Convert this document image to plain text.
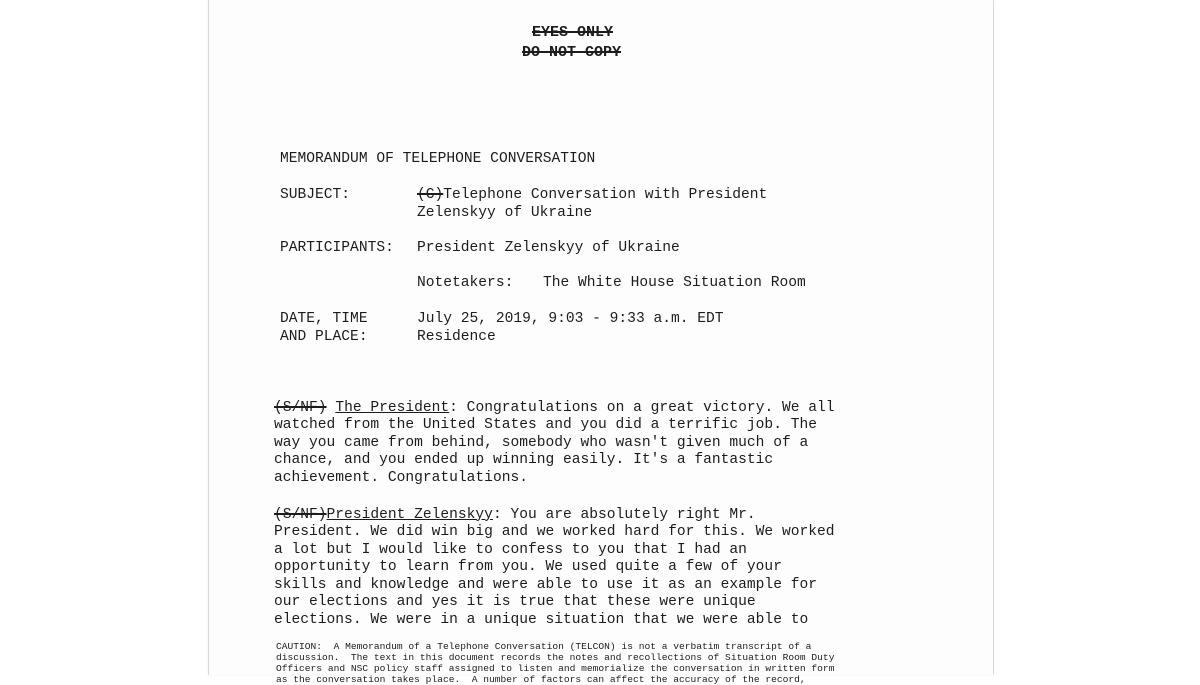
EYES ONLY
DO NOT COPY
MEMORANDUM OF TELEPHONE CONVERSATION
SUBJECT:	(C)Telephone Conversation with President
Zelenskyy of Ukraine
PARTICIPANTS: President Zelenskyy of Ukraine
Notetakers: The White House Situation Room
DATE, TIME
AND PLACE:
July 25, 2019, 9:03 - 9:33 a.m. EDT
Residence

(S/NF) The President: Congratulations on a great victory. We all
watched from the United States and you did a terrific job. The
way you came from behind, somebody who wasn't given much of a
chance, and you ended up winning easily. It's a fantastic
achievement. Congratulations.

(S/NF)President Zelenskyy: You are absolutely right Mr.
President. We did win big and we worked hard for this. We worked
a lot but I would like to confess to you that I had an
opportunity to learn from you. We used quite a few of your
skills and knowledge and were able to use it as an example for
our elections and yes it is true that these were unique
elections. We were in a unique situation that we were able to

CAUTION:  A Memorandum of a Telephone Conversation (TELCON) is not a verbatim transcript of a
discussion.  The text in this document records the notes and recollections of Situation Room Duty
Officers and NSC policy staff assigned to listen and memorialize the conversation in written form
as the conversation takes place.  A number of factors can affect the accuracy of the record,
